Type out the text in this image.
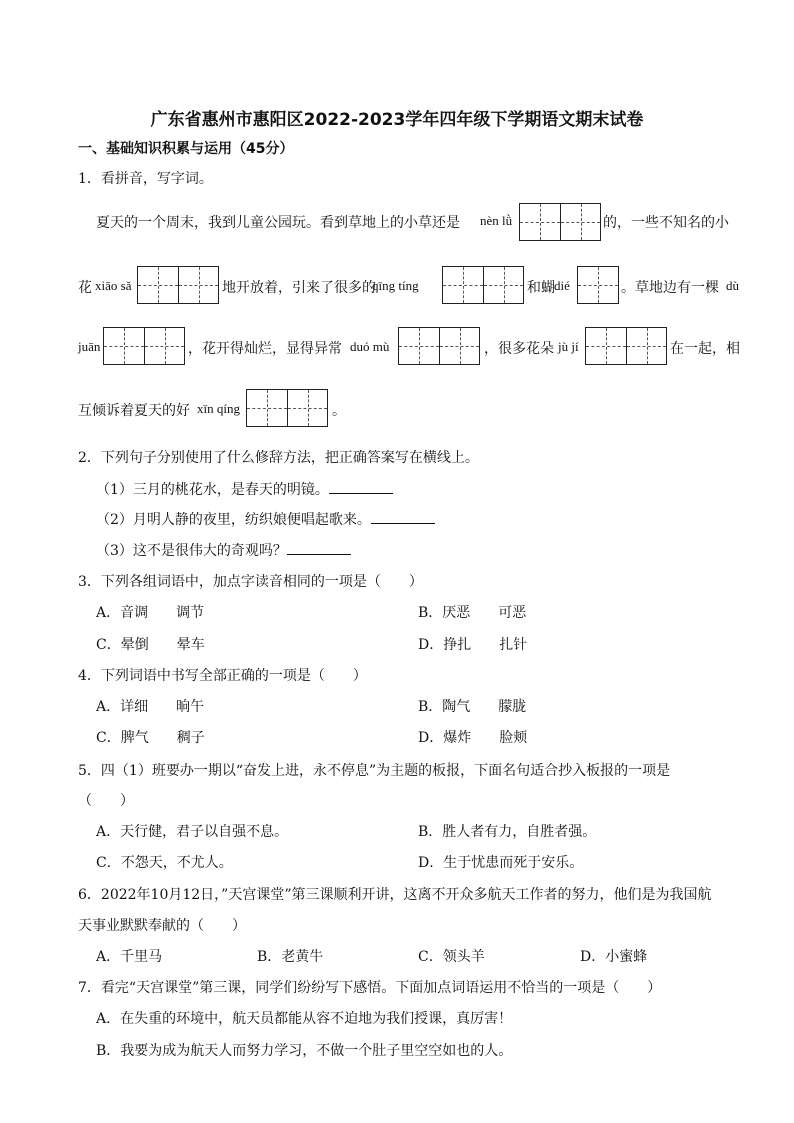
广东省惠州市惠阳区2022-2023学年四年级下学期语文期末试卷
一、基础知识积累与运用（45分）
1．看拼音，写字词。
夏天的一个周末，我到儿童公园玩。看到草地上的小草还是 nèn lǜ	的，一些不知名的小
花 xiāo sǎ	地开放着，引来了很多的
qīng tíng	和蝴 dié	。草地边有一棵 dù
juān	，花开得灿烂，显得异常 duó mù	，很多花朵 jù jí	在一起，相
互倾诉着夏天的好 xīn qíng	。
2．下列句子分别使用了什么修辞方法，把正确答案写在横线上。
（1）三月的桃花水，是春天的明镜。
（2）月明人静的夜里，纺织娘便唱起歌来。
（3）这不是很伟大的奇观吗？
3．下列各组词语中，加点字读音相同的一项是（　　）
A．音调　　调节	B．厌恶　　可恶
C．晕倒　　晕车	D．挣扎　　扎针
4．下列词语中书写全部正确的一项是（　　）
A．详细　　晌午	B．陶气　　朦胧
C．脾气　　稠子	D．爆炸　　脸颊
5．四（1）班要办一期以“奋发上进，永不停息”为主题的板报，下面名句适合抄入板报的一项是
（　　）
A．天行健，君子以自强不息。	B．胜人者有力，自胜者强。
C．不怨天，不尤人。	D．生于忧患而死于安乐。
6．2022年10月12日，”天宫课堂”第三课顺利开讲，这离不开众多航天工作者的努力，他们是为我国航
天事业默默奉献的（　　）
A．千里马	B．老黄牛	C．领头羊	D．小蜜蜂
7．看完“天宫课堂”第三课，同学们纷纷写下感悟。下面加点词语运用不恰当的一项是（　　）
A．在失重的环境中，航天员都能从容不迫地为我们授课，真厉害！
B．我要为成为航天人而努力学习，不做一个肚子里空空如也的人。
